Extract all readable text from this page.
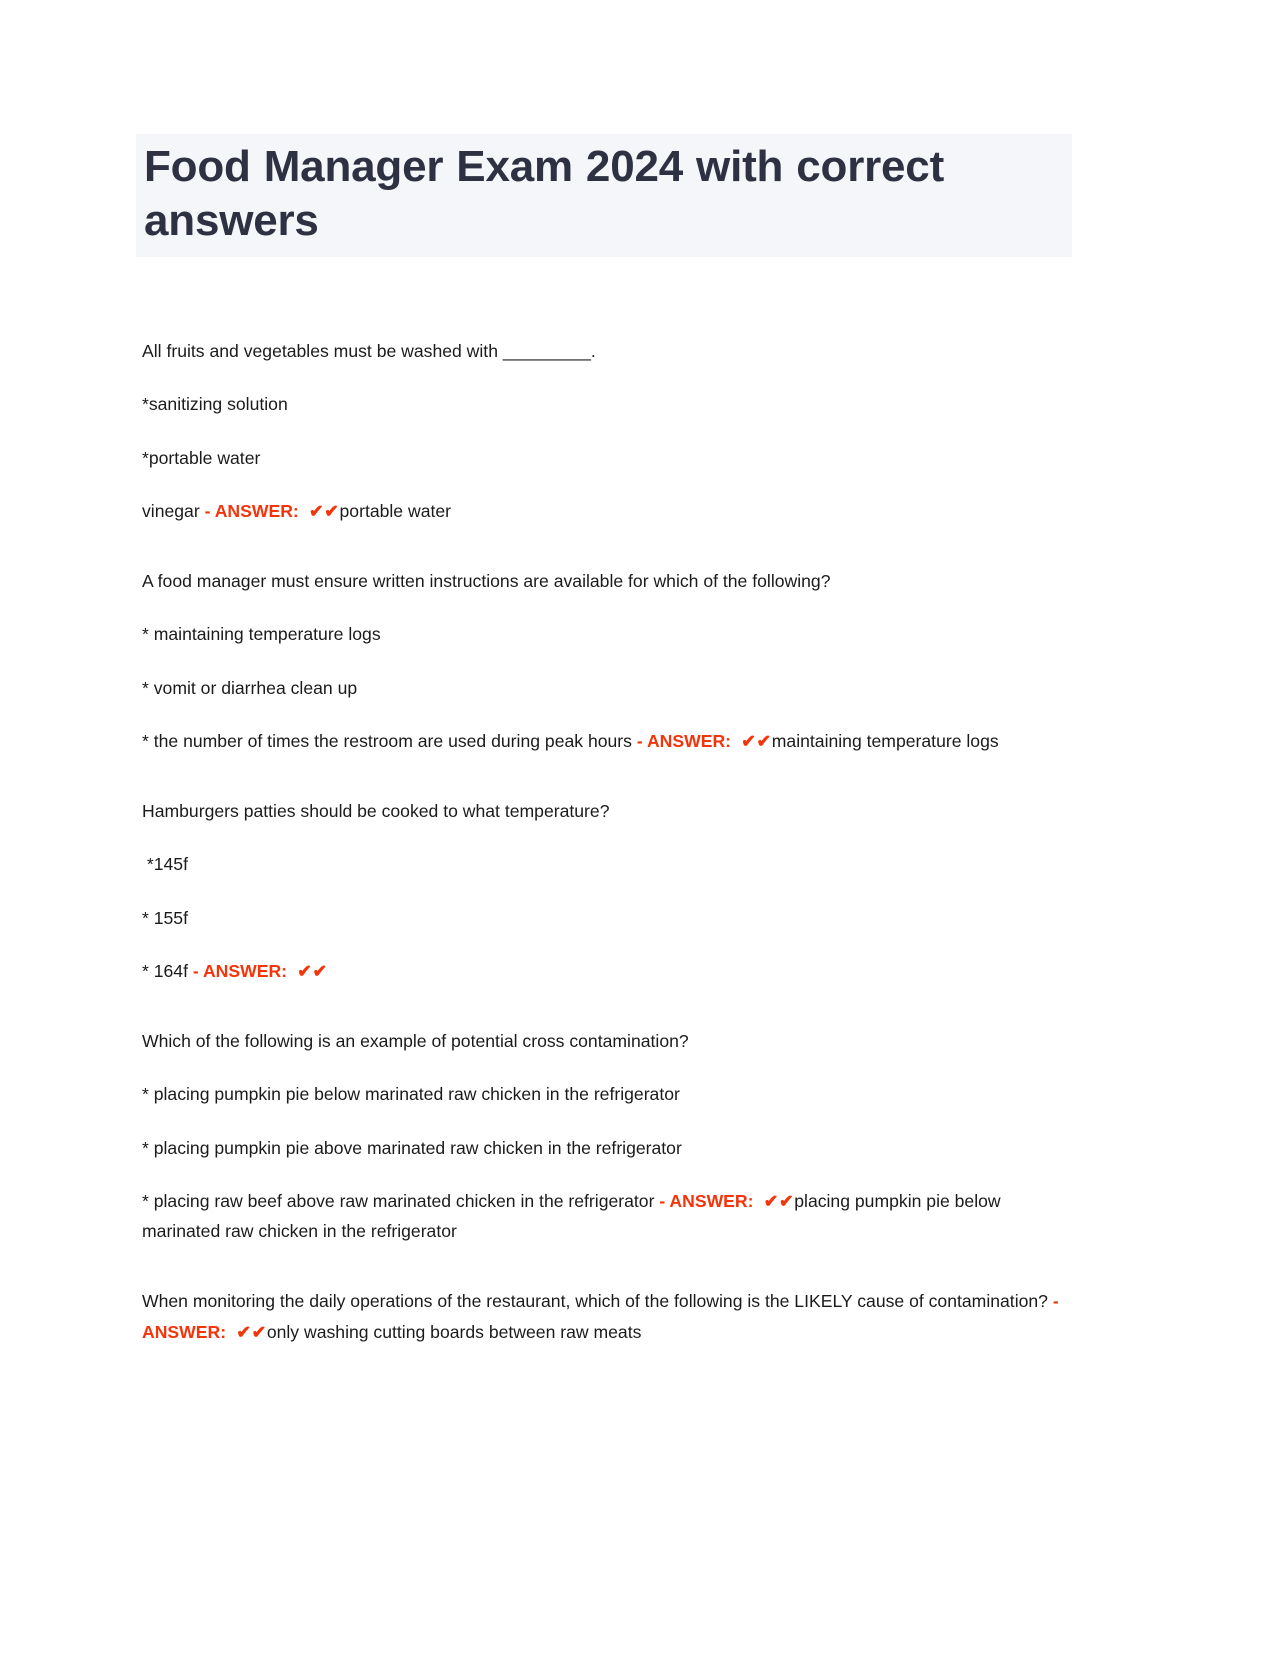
Food Manager Exam 2024 with correct answers

All fruits and vegetables must be washed with _________.

*sanitizing solution

*portable water

vinegar - ANSWER:  ✔✔portable water

A food manager must ensure written instructions are available for which of the following?

* maintaining temperature logs

* vomit or diarrhea clean up

* the number of times the restroom are used during peak hours - ANSWER:  ✔✔maintaining temperature logs

Hamburgers patties should be cooked to what temperature?

*145f

* 155f

* 164f - ANSWER:  ✔✔

Which of the following is an example of potential cross contamination?

* placing pumpkin pie below marinated raw chicken in the refrigerator

* placing pumpkin pie above marinated raw chicken in the refrigerator

* placing raw beef above raw marinated chicken in the refrigerator - ANSWER:  ✔✔placing pumpkin pie below marinated raw chicken in the refrigerator

When monitoring the daily operations of the restaurant, which of the following is the LIKELY cause of contamination? - ANSWER:  ✔✔only washing cutting boards between raw meats
